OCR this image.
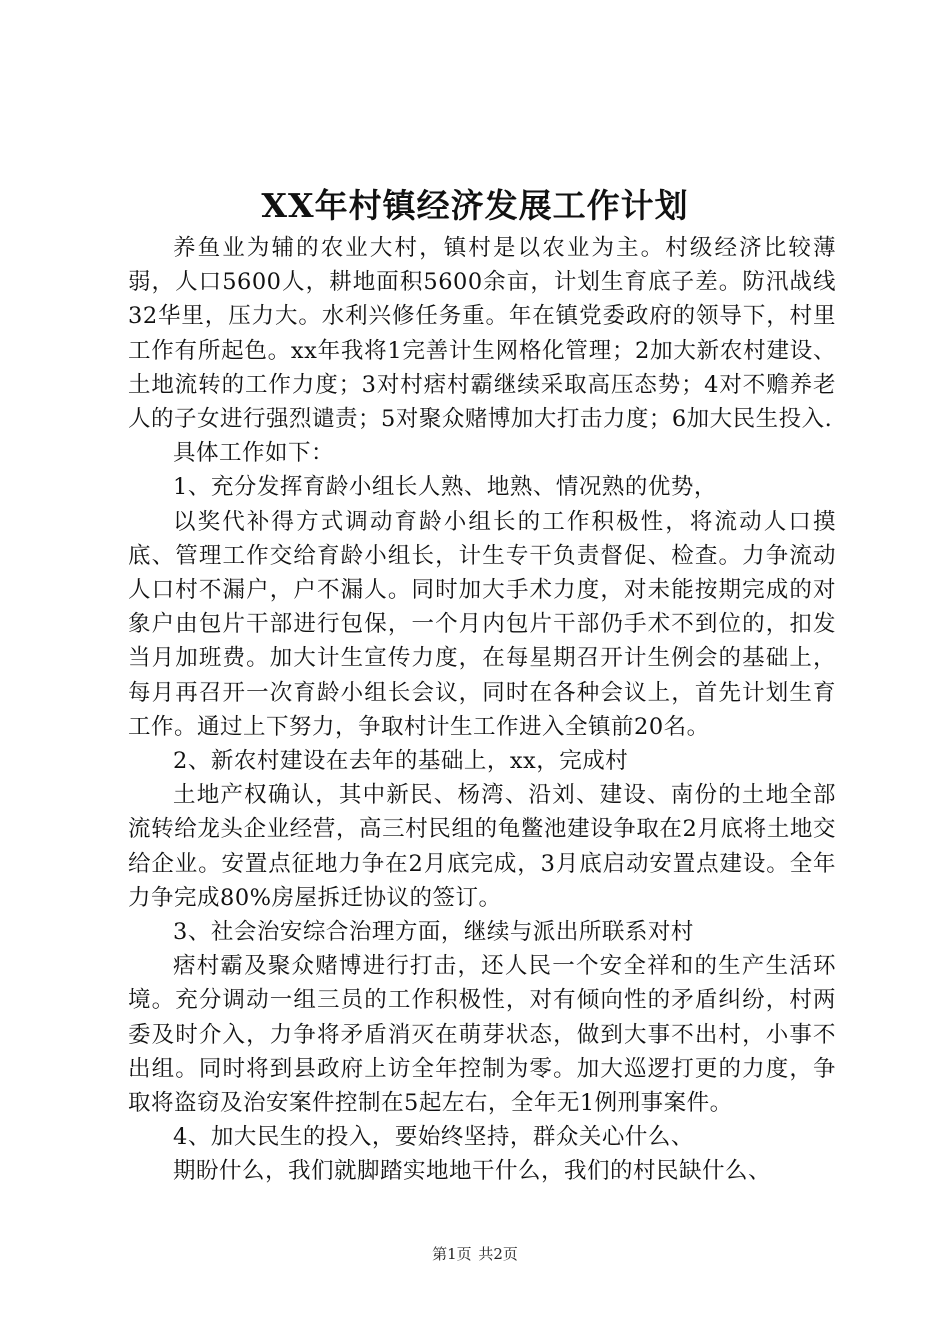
XX年村镇经济发展工作计划

养鱼业为辅的农业大村，镇村是以农业为主。村级经济比较薄弱，人口5600人，耕地面积5600余亩，计划生育底子差。防汛战线32华里，压力大。水利兴修任务重。年在镇党委政府的领导下，村里工作有所起色。xx年我将1完善计生网格化管理；2加大新农村建设、土地流转的工作力度；3对村痞村霸继续采取高压态势；4对不赡养老人的子女进行强烈谴责；5对聚众赌博加大打击力度；6加大民生投入.

具体工作如下：

1、充分发挥育龄小组长人熟、地熟、情况熟的优势，

以奖代补得方式调动育龄小组长的工作积极性，将流动人口摸底、管理工作交给育龄小组长，计生专干负责督促、检查。力争流动人口村不漏户，户不漏人。同时加大手术力度，对未能按期完成的对象户由包片干部进行包保，一个月内包片干部仍手术不到位的，扣发当月加班费。加大计生宣传力度，在每星期召开计生例会的基础上，每月再召开一次育龄小组长会议，同时在各种会议上，首先计划生育工作。通过上下努力，争取村计生工作进入全镇前20名。

2、新农村建设在去年的基础上，xx，完成村

土地产权确认，其中新民、杨湾、沿刘、建设、南份的土地全部流转给龙头企业经营，高三村民组的龟鳖池建设争取在2月底将土地交给企业。安置点征地力争在2月底完成，3月底启动安置点建设。全年力争完成80%房屋拆迁协议的签订。

3、社会治安综合治理方面，继续与派出所联系对村

痞村霸及聚众赌博进行打击，还人民一个安全祥和的生产生活环境。充分调动一组三员的工作积极性，对有倾向性的矛盾纠纷，村两委及时介入，力争将矛盾消灭在萌芽状态，做到大事不出村，小事不出组。同时将到县政府上访全年控制为零。加大巡逻打更的力度，争取将盗窃及治安案件控制在5起左右，全年无1例刑事案件。

4、加大民生的投入，要始终坚持，群众关心什么、

期盼什么，我们就脚踏实地地干什么，我们的村民缺什么、

第1页 共2页
